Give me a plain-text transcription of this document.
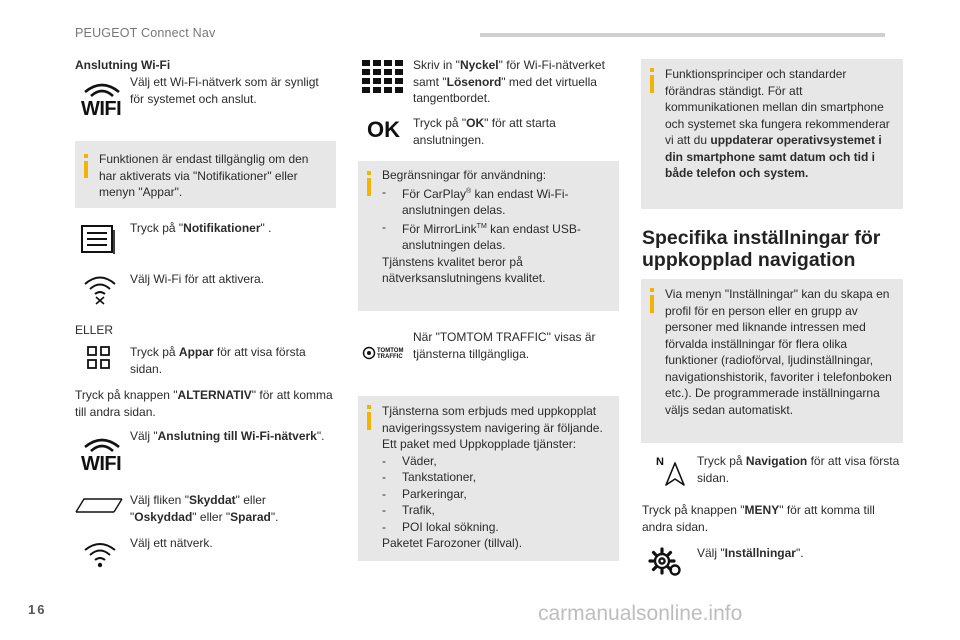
PEUGEOT Connect Nav
Anslutning Wi-Fi
WIFI
Välj ett Wi-Fi-nätverk som är synligt för systemet och anslut.
Funktionen är endast tillgänglig om den har aktiverats via "Notifikationer" eller menyn "Appar".
Tryck på "Notifikationer" .
Välj Wi-Fi för att aktivera.
ELLER
Tryck på Appar för att visa första sidan.
Tryck på knappen "ALTERNATIV" för att komma till andra sidan.
WIFI
Välj "Anslutning till Wi-Fi-nätverk".
Välj fliken "Skyddat" eller "Oskyddad" eller "Sparad".
Välj ett nätverk.
Skriv in "Nyckel" för Wi-Fi-nätverket samt "Lösenord" med det virtuella tangentbordet.
OK Tryck på "OK" för att starta anslutningen.
Begränsningar för användning:
- För CarPlay® kan endast Wi-Fi-anslutningen delas.
- För MirrorLink™ kan endast USB-anslutningen delas.
Tjänstens kvalitet beror på nätverksanslutningens kvalitet.
TOMTOM
TRAFFIC
När "TOMTOM TRAFFIC" visas är tjänsterna tillgängliga.
Tjänsterna som erbjuds med uppkopplat navigeringssystem navigering är följande. Ett paket med Uppkopplade tjänster:
- Väder,
- Tankstationer,
- Parkeringar,
- Trafik,
- POI lokal sökning.
Paketet Farozoner (tillval).
Funktionsprinciper och standarder förändras ständigt. För att kommunikationen mellan din smartphone och systemet ska fungera rekommenderar vi att du uppdaterar operativsystemet i din smartphone samt datum och tid i både telefon och system.
Specifika inställningar för uppkopplad navigation
Via menyn "Inställningar" kan du skapa en profil för en person eller en grupp av personer med liknande intressen med förvalda inställningar för flera olika funktioner (radioförval, ljudinställningar, navigationshistorik, favoriter i telefonboken etc.). De programmerade inställningarna väljs sedan automatiskt.
N	Tryck på Navigation för att visa första sidan.
Tryck på knappen "MENY" för att komma till andra sidan.
Välj "Inställningar".
16	carmanualsonline.info
